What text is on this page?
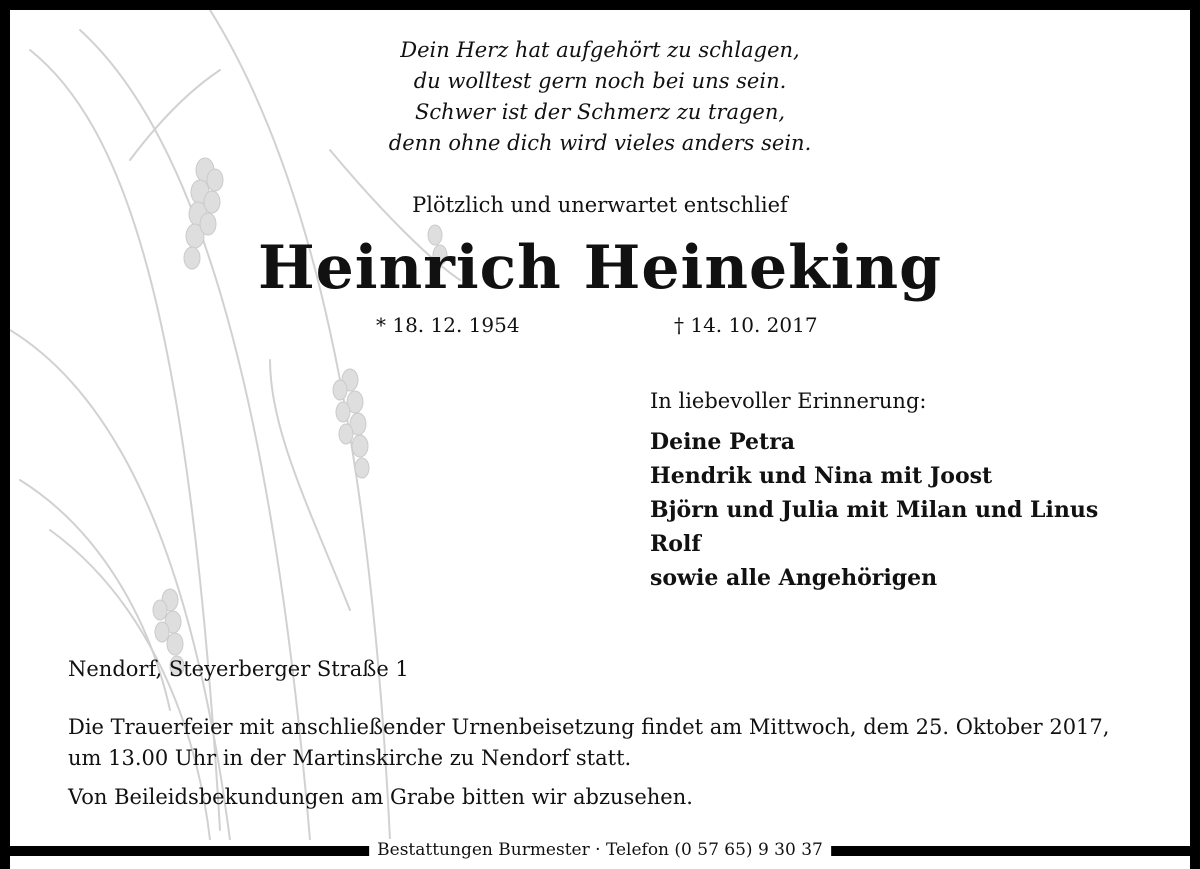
Dein Herz hat aufgehört zu schlagen,
du wolltest gern noch bei uns sein.
Schwer ist der Schmerz zu tragen,
denn ohne dich wird vieles anders sein.
Plötzlich und unerwartet entschlief
Heinrich Heineking
* 18. 12. 1954	† 14. 10. 2017
In liebevoller Erinnerung:
Deine Petra
Hendrik und Nina mit Joost
Björn und Julia mit Milan und Linus
Rolf
sowie alle Angehörigen
Nendorf, Steyerberger Straße 1
Die Trauerfeier mit anschließender Urnenbeisetzung findet am Mittwoch, dem 25. Oktober 2017,
um 13.00 Uhr in der Martinskirche zu Nendorf statt.
Von Beileidsbekundungen am Grabe bitten wir abzusehen.
Bestattungen Burmester · Telefon (0 57 65) 9 30 37
